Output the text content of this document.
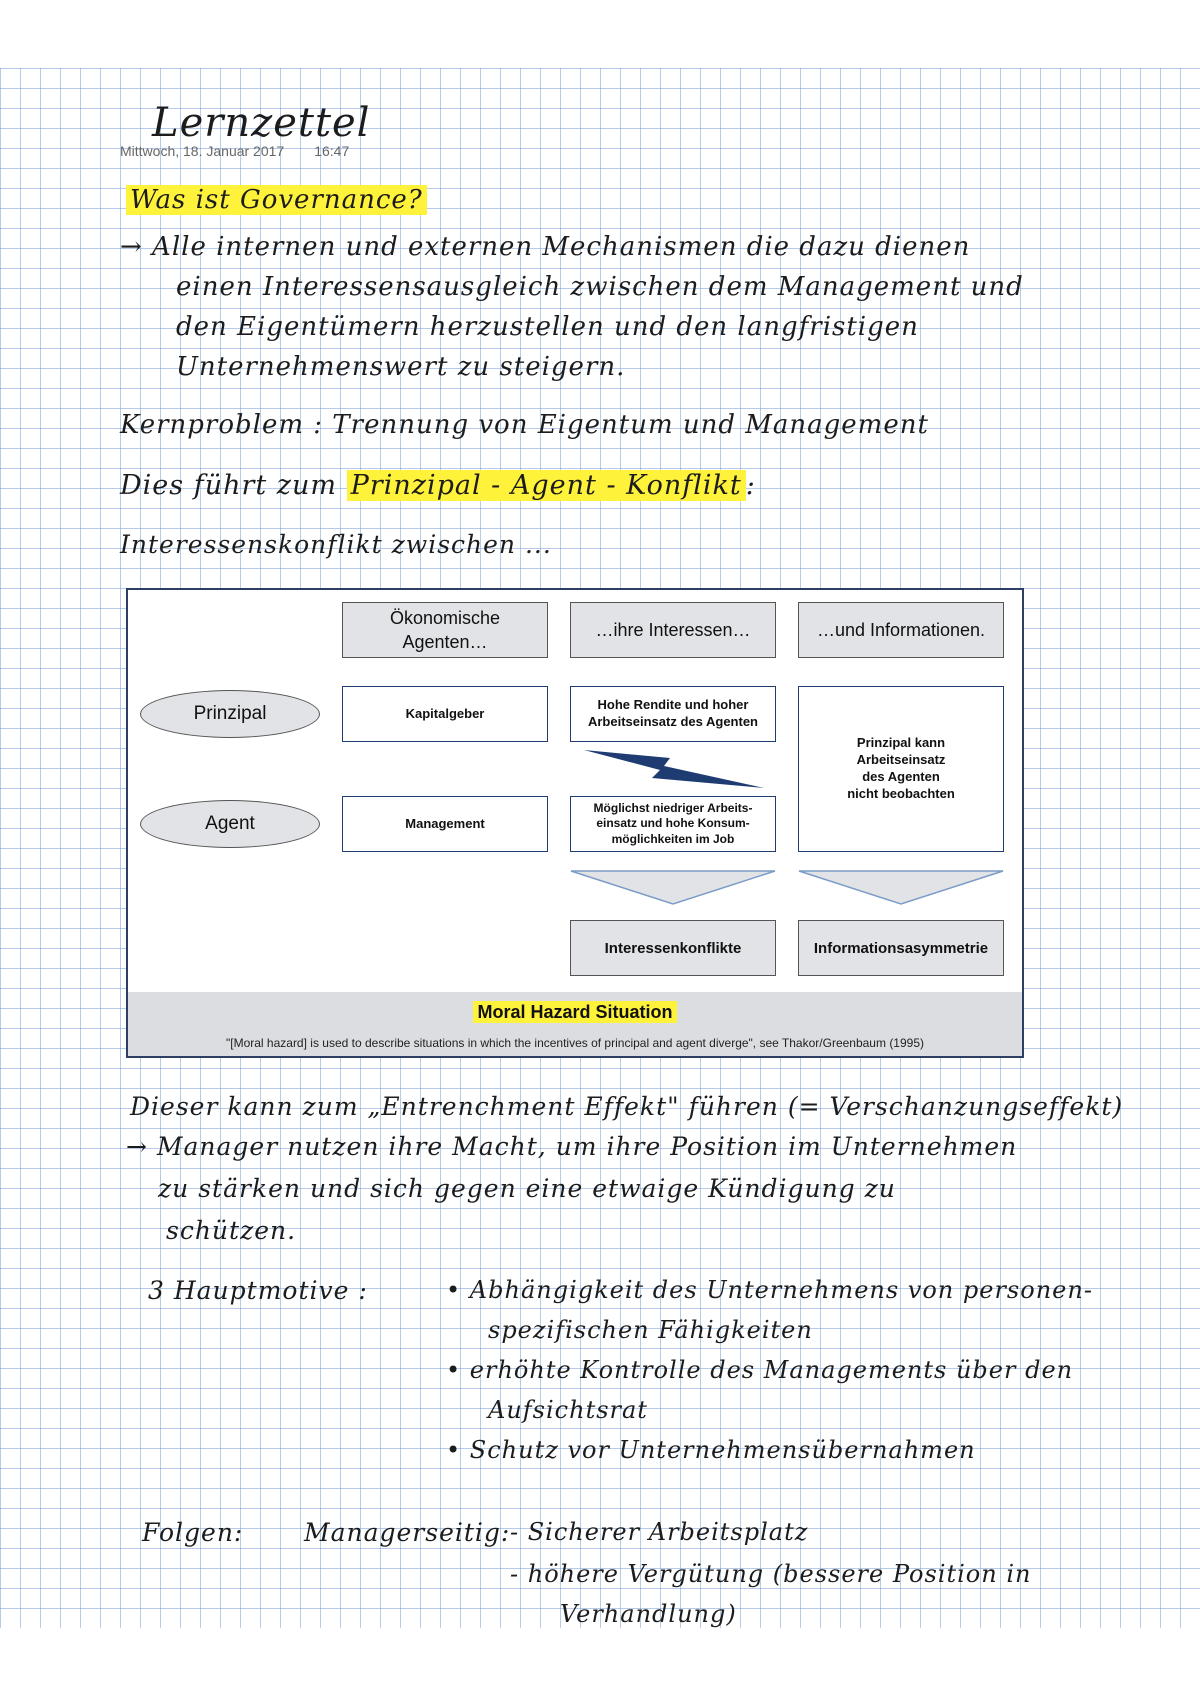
Lernzettel
Mittwoch, 18. Januar 2017 16:47
Was ist Governance?
→ Alle internen und externen Mechanismen die dazu dienen
einen Interessensausgleich zwischen dem Management und
den Eigentümern herzustellen und den langfristigen
Unternehmenswert zu steigern.
Kernproblem : Trennung von Eigentum und Management
Dies führt zum Prinzipal - Agent - Konflikt :
Interessenskonflikt zwischen ...
Ökonomische
Agenten…
…ihre Interessen…	…und Informationen.
Prinzipal
Agent
Kapitalgeber
Management
Hohe Rendite und hoher
Arbeitseinsatz des Agenten
Möglichst niedriger Arbeits-
einsatz und hohe Konsum-
möglichkeiten im Job
Prinzipal kann
Arbeitseinsatz
des Agenten
nicht beobachten
Interessenkonflikte	Informationsasymmetrie
Moral Hazard Situation
"[Moral hazard] is used to describe situations in which the incentives of principal and agent diverge", see Thakor/Greenbaum (1995)
Dieser kann zum „Entrenchment Effekt" führen (= Verschanzungseffekt)
→ Manager nutzen ihre Macht, um ihre Position im Unternehmen
zu stärken und sich gegen eine etwaige Kündigung zu
schützen.
3 Hauptmotive :	• Abhängigkeit des Unternehmens von personen-
spezifischen Fähigkeiten
• erhöhte Kontrolle des Managements über den
Aufsichtsrat
• Schutz vor Unternehmensübernahmen
Folgen: Managerseitig: - Sicherer Arbeitsplatz
- höhere Vergütung (bessere Position in
Verhandlung)
